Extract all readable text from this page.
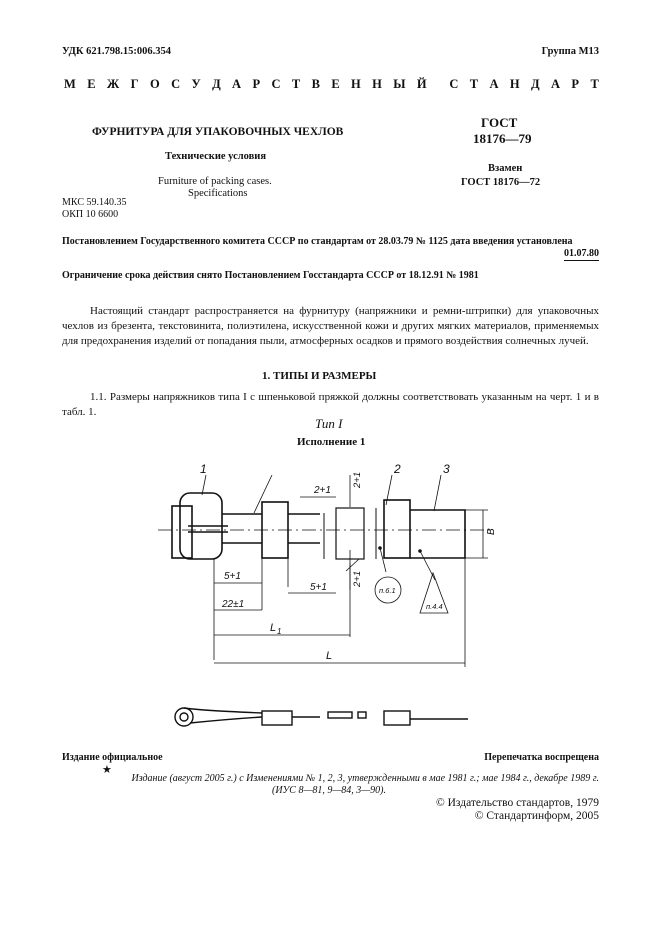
УДК 621.798.15:006.354	Группа М13
М Е Ж Г О С У Д А Р С Т В Е Н Н Ы Й С Т А Н Д А Р Т
ФУРНИТУРА ДЛЯ УПАКОВОЧНЫХ ЧЕХЛОВ
Технические условия
Furniture of packing cases.
Specifications
МКС 59.140.35
ОКП 10 6600
ГОСТ
18176—79
Взамен
ГОСТ 18176—72
Постановлением Государственного комитета СССР по стандартам от 28.03.79 № 1125 дата введения установлена
01.07.80
Ограничение срока действия снято Постановлением Госстандарта СССР от 18.12.91 № 1981
Настоящий стандарт распространяется на фурнитуру (напряжники и ремни-штрипки) для упаковочных чехлов из брезента, текстовинита, полиэтилена, искусственной кожи и других мягких материалов, применяемых для предохранения изделий от попадания пыли, атмосферных осадков и прямого воздействия солнечных лучей.
1. ТИПЫ И РАЗМЕРЫ
1.1. Размеры напряжников типа I с шпеньковой пряжкой должны соответствовать указанным на черт. 1 и в табл. 1.
Тип I
Исполнение 1
1	2	3
2+1
2+1
2+1
5+1
5+1
22±1
L 1
L
В
п.6.1
п.4.4
Издание официальное	Перепечатка воспрещена
★
Издание (август 2005 г.) с Изменениями № 1, 2, 3, утвержденными в мае 1981 г.; мае 1984 г., декабре 1989 г.
(ИУС 8—81, 9—84, 3—90).
© Издательство стандартов, 1979
© Стандартинформ, 2005
